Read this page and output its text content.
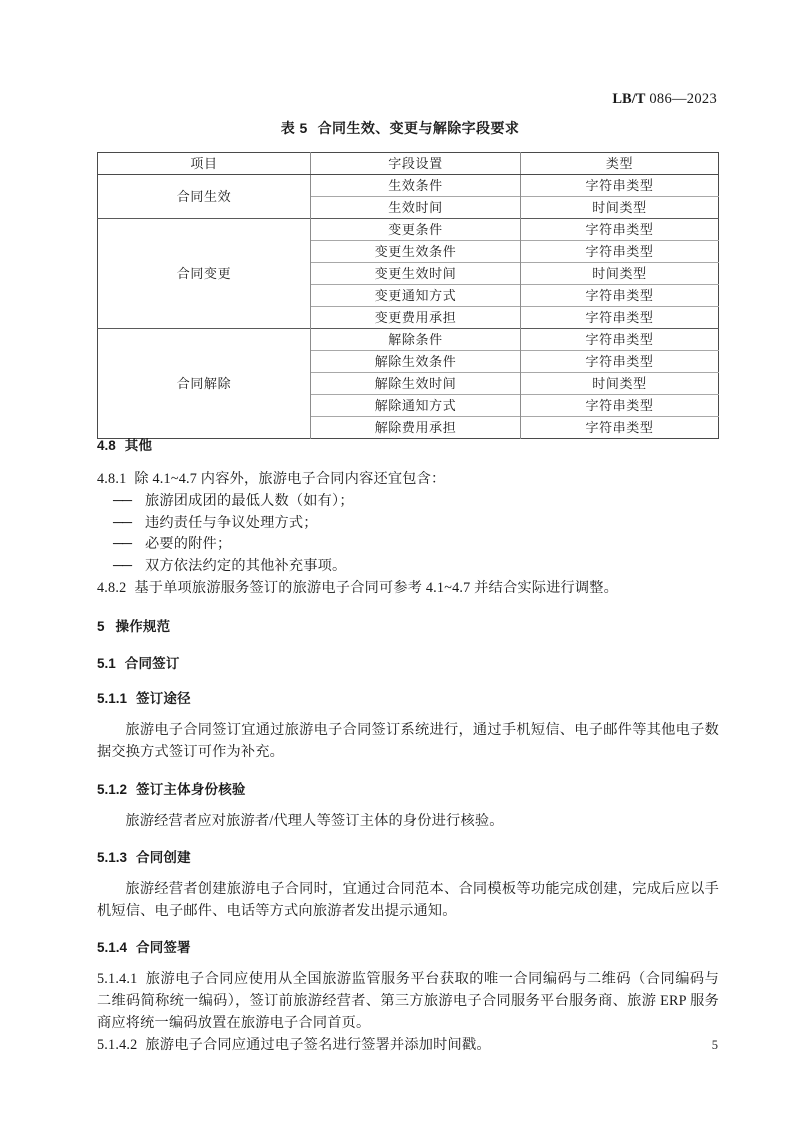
LB/T 086—2023
表 5 合同生效、变更与解除字段要求
项目	字段设置	类型
合同生效	生效条件	字符串类型
	生效时间	时间类型
合同变更	变更条件	字符串类型
	变更生效条件	字符串类型
	变更生效时间	时间类型
	变更通知方式	字符串类型
	变更费用承担	字符串类型
合同解除	解除条件	字符串类型
	解除生效条件	字符串类型
	解除生效时间	时间类型
	解除通知方式	字符串类型
	解除费用承担	字符串类型
4.8 其他
4.8.1 除 4.1~4.7 内容外，旅游电子合同内容还宜包含：
── 旅游团成团的最低人数（如有）；
── 违约责任与争议处理方式；
── 必要的附件；
── 双方依法约定的其他补充事项。
4.8.2 基于单项旅游服务签订的旅游电子合同可参考 4.1~4.7 并结合实际进行调整。
5 操作规范
5.1 合同签订
5.1.1 签订途径
旅游电子合同签订宜通过旅游电子合同签订系统进行，通过手机短信、电子邮件等其他电子数据交换方式签订可作为补充。
5.1.2 签订主体身份核验
旅游经营者应对旅游者/代理人等签订主体的身份进行核验。
5.1.3 合同创建
旅游经营者创建旅游电子合同时，宜通过合同范本、合同模板等功能完成创建，完成后应以手机短信、电子邮件、电话等方式向旅游者发出提示通知。
5.1.4 合同签署
5.1.4.1 旅游电子合同应使用从全国旅游监管服务平台获取的唯一合同编码与二维码（合同编码与二维码简称统一编码），签订前旅游经营者、第三方旅游电子合同服务平台服务商、旅游 ERP 服务商应将统一编码放置在旅游电子合同首页。
5.1.4.2 旅游电子合同应通过电子签名进行签署并添加时间戳。	5
